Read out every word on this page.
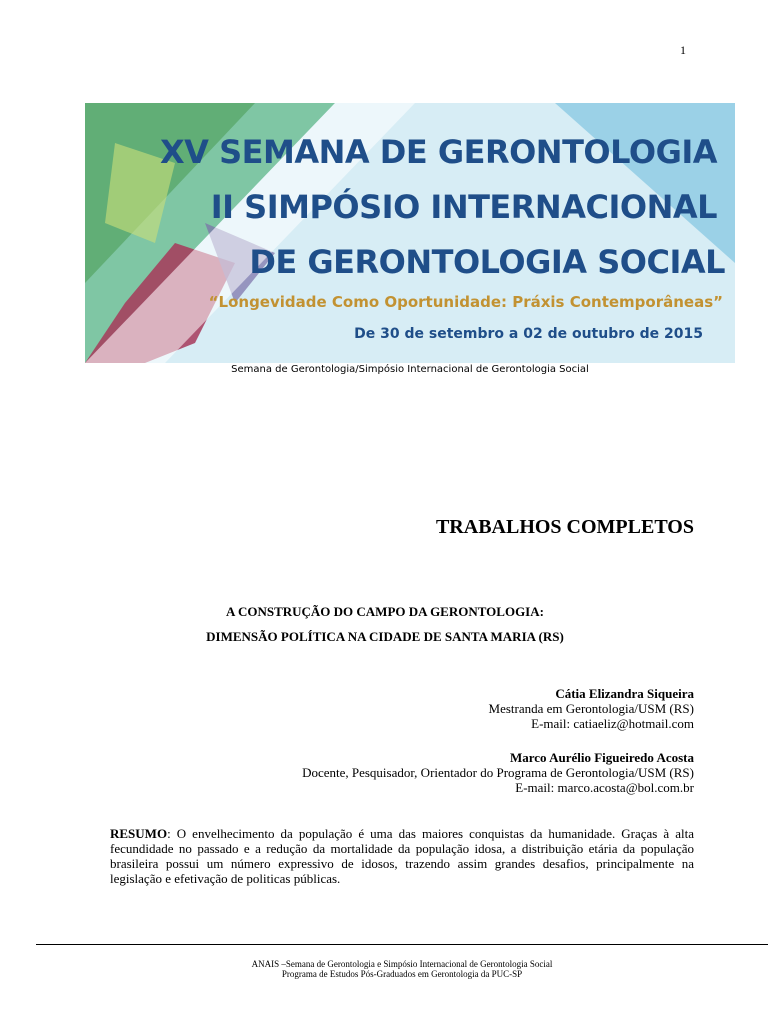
1
XV SEMANA DE GERONTOLOGIA
II SIMPÓSIO INTERNACIONAL
DE GERONTOLOGIA SOCIAL
“Longevidade Como Oportunidade: Práxis Contemporâneas”
De 30 de setembro a 02 de outubro de 2015
Semana de Gerontologia/Simpósio Internacional de Gerontologia Social
TRABALHOS COMPLETOS
A CONSTRUÇÃO DO CAMPO DA GERONTOLOGIA:
DIMENSÃO POLÍTICA NA CIDADE DE SANTA MARIA (RS)
Cátia Elizandra Siqueira
Mestranda em Gerontologia/USM (RS)
E-mail: catiaeliz@hotmail.com
Marco Aurélio Figueiredo Acosta
Docente, Pesquisador, Orientador do Programa de Gerontologia/USM (RS)
E-mail: marco.acosta@bol.com.br
RESUMO: O envelhecimento da população é uma das maiores conquistas da humanidade. Graças à alta fecundidade no passado e a redução da mortalidade da população idosa, a distribuição etária da população brasileira possui um número expressivo de idosos, trazendo assim grandes desafios, principalmente na legislação e efetivação de politicas públicas.
ANAIS –Semana de Gerontologia e Simpósio Internacional de Gerontologia Social
Programa de Estudos Pós-Graduados em Gerontologia da PUC-SP
